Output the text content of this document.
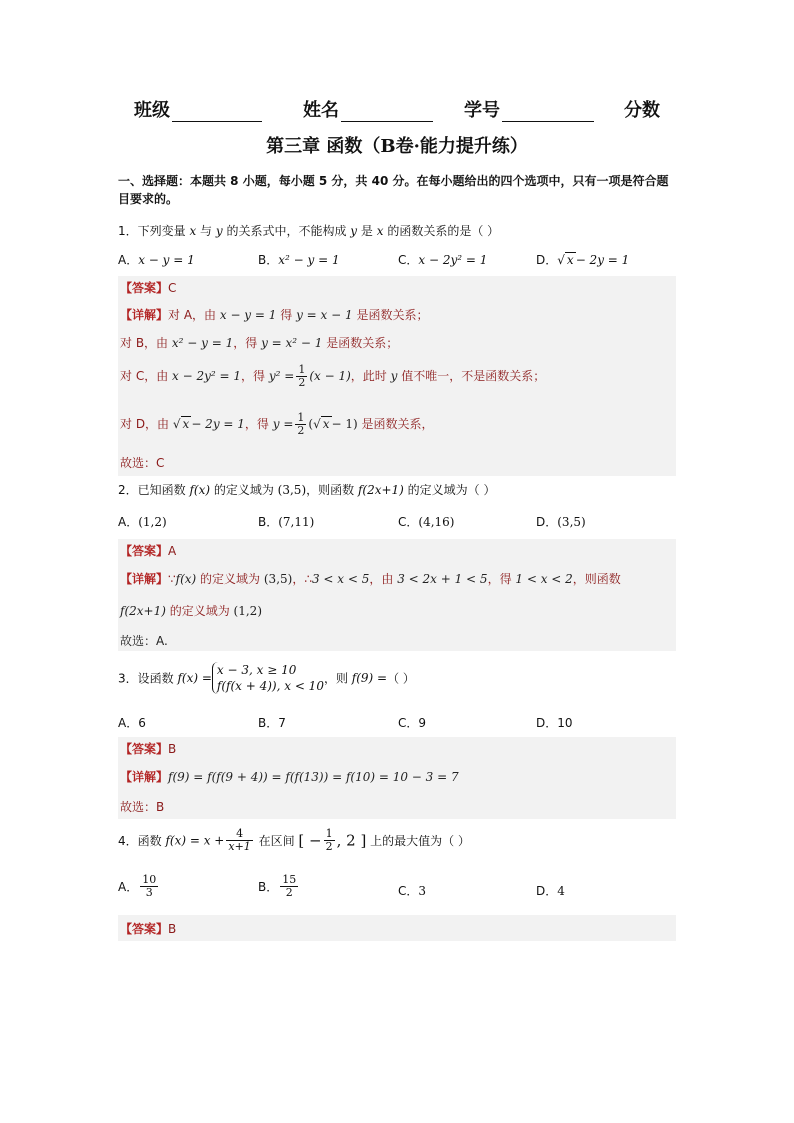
班级	姓名	学号	分数
第三章 函数（B卷·能力提升练）
一、选择题：本题共 8 小题，每小题 5 分，共 40 分。在每小题给出的四个选项中，只有一项是符合题目要求的。
1．下列变量 x 与 y 的关系式中，不能构成 y 是 x 的函数关系的是（ ）
A．x − y = 1	B．x² − y = 1	C．x − 2y² = 1	D．√ x − 2y = 1
【答案】C
【详解】对 A，由 x − y = 1 得 y = x − 1 是函数关系；
对 B，由 x² − y = 1，得 y = x² − 1 是函数关系；
对 C，由 x − 2y² = 1，得 $y^2 = \frac{1}{2} (x - 1)$，此时 y 值不唯一，不是函数关系；
对 D，由 √ x − 2y = 1，得 $y = \frac{1}{2}$ (√ x − 1) 是函数关系，
故选：C
2．已知函数 f(x) 的定义域为 (3,5)，则函数 f(2x+1) 的定义域为（ ）
A．(1,2)	B．(7,11)	C．(4,16)	D．(3,5)
【答案】A
【详解】∵f(x) 的定义域为 (3,5)，∴3 < x < 5，由 3 < 2x + 1 < 5，得 1 < x < 2，则函数
f(2x+1) 的定义域为 (1,2)
故选：A.
3．设函数 f(x) =x − 3, x ≥ 10
f(f(x + 4)), x < 10，则 f(9) =（ ）
A．6	B．7	C．9	D．10
【答案】B
【详解】f(9) = f(f(9 + 4)) = f(f(13)) = f(10) = 10 − 3 = 7
故选：B
4．函数 $f(x) = x + \frac{4}{x+1}$ 在区间 [ − $\frac{1}{2}$ , 2 ] 上的最大值为（ ）
A． $\frac{10}{3}$	B． $\frac{15}{2}$	C．3	D．4
【答案】B
